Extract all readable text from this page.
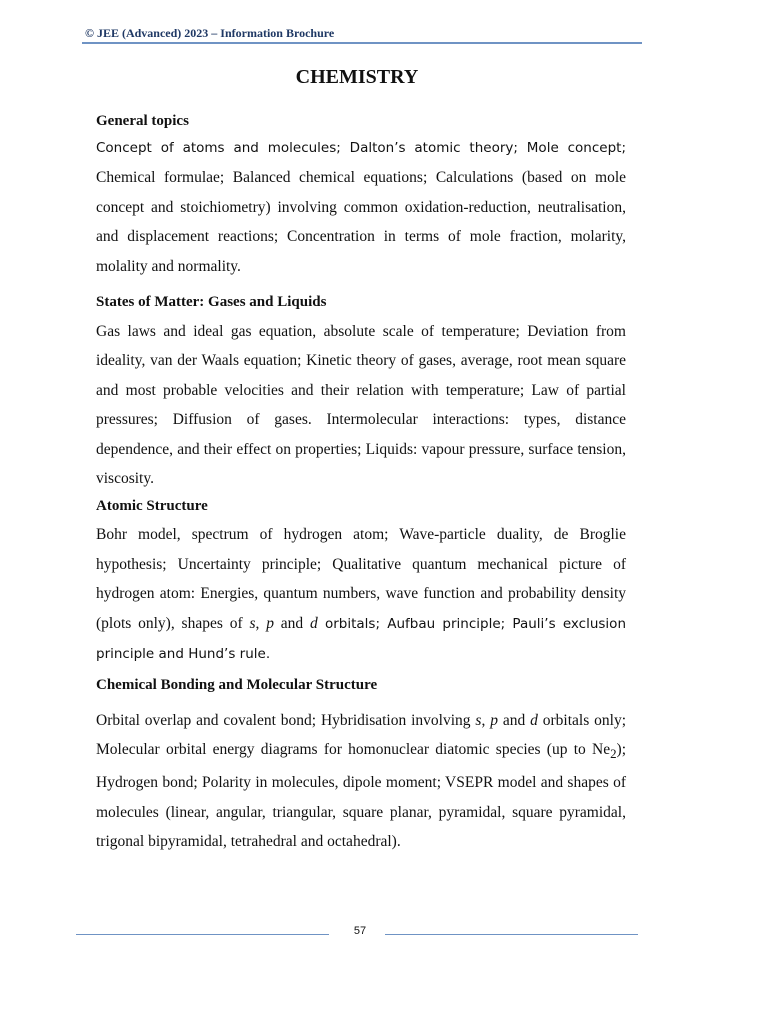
© JEE (Advanced) 2023 – Information Brochure
CHEMISTRY
General topics

Concept of atoms and molecules; Dalton’s atomic theory; Mole concept; Chemical formulae; Balanced chemical equations; Calculations (based on mole concept and stoichiometry) involving common oxidation-reduction, neutralisation, and displacement reactions; Concentration in terms of mole fraction, molarity, molality and normality.

States of Matter: Gases and Liquids

Gas laws and ideal gas equation, absolute scale of temperature; Deviation from ideality, van der Waals equation; Kinetic theory of gases, average, root mean square and most probable velocities and their relation with temperature; Law of partial pressures; Diffusion of gases. Intermolecular interactions: types, distance dependence, and their effect on properties; Liquids: vapour pressure, surface tension, viscosity.

Atomic Structure

Bohr model, spectrum of hydrogen atom; Wave-particle duality, de Broglie hypothesis; Uncertainty principle; Qualitative quantum mechanical picture of hydrogen atom: Energies, quantum numbers, wave function and probability density (plots only), shapes of s, p and d orbitals; Aufbau principle; Pauli’s exclusion principle and Hund’s rule.

Chemical Bonding and Molecular Structure

Orbital overlap and covalent bond; Hybridisation involving s, p and d orbitals only; Molecular orbital energy diagrams for homonuclear diatomic species (up to $Ne_2$); Hydrogen bond; Polarity in molecules, dipole moment; VSEPR model and shapes of molecules (linear, angular, triangular, square planar, pyramidal, square pyramidal, trigonal bipyramidal, tetrahedral and octahedral).

57
